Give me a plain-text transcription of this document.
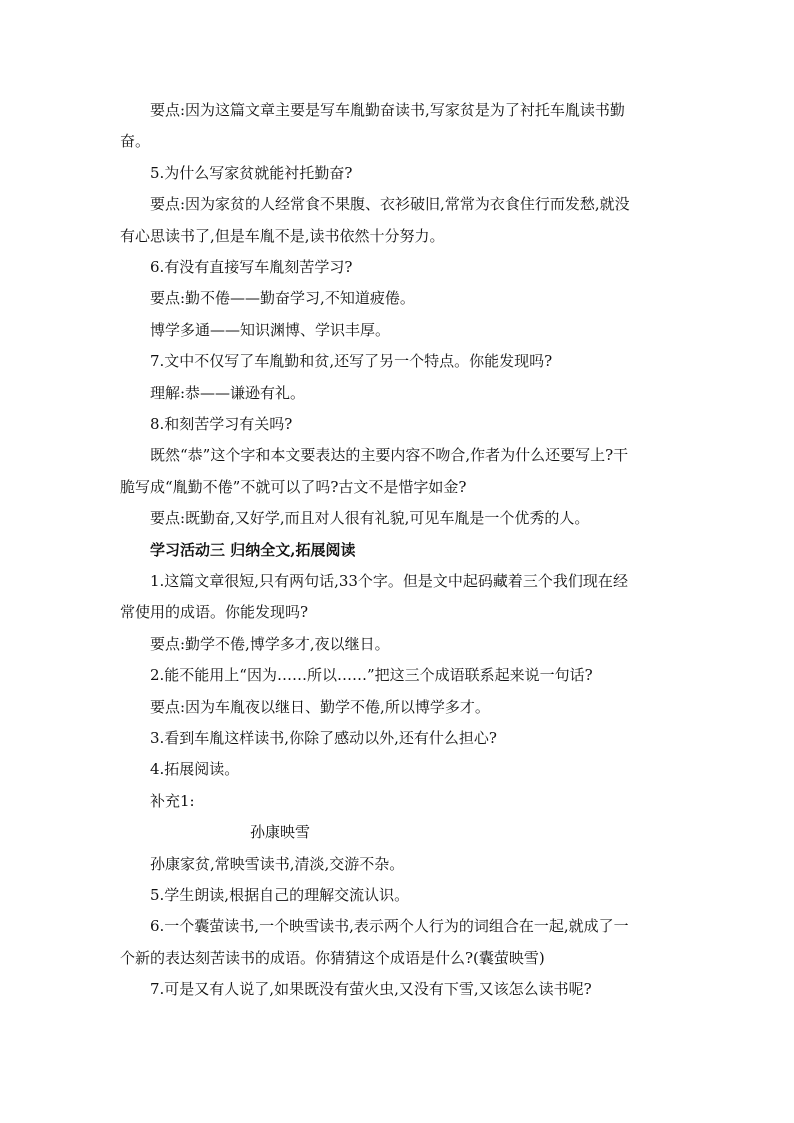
要点:因为这篇文章主要是写车胤勤奋读书,写家贫是为了衬托车胤读书勤
奋。
5.为什么写家贫就能衬托勤奋?
要点:因为家贫的人经常食不果腹、衣衫破旧,常常为衣食住行而发愁,就没
有心思读书了,但是车胤不是,读书依然十分努力。
6.有没有直接写车胤刻苦学习?
要点:勤不倦——勤奋学习,不知道疲倦。
博学多通——知识渊博、学识丰厚。
7.文中不仅写了车胤勤和贫,还写了另一个特点。你能发现吗?
理解:恭——谦逊有礼。
8.和刻苦学习有关吗?
既然“恭”这个字和本文要表达的主要内容不吻合,作者为什么还要写上?干
脆写成“胤勤不倦”不就可以了吗?古文不是惜字如金?
要点:既勤奋,又好学,而且对人很有礼貌,可见车胤是一个优秀的人。
学习活动三 归纳全文,拓展阅读
1.这篇文章很短,只有两句话,33个字。但是文中起码藏着三个我们现在经
常使用的成语。你能发现吗?
要点:勤学不倦,博学多才,夜以继日。
2.能不能用上“因为……所以……”把这三个成语联系起来说一句话?
要点:因为车胤夜以继日、勤学不倦,所以博学多才。
3.看到车胤这样读书,你除了感动以外,还有什么担心?
4.拓展阅读。
补充1:
孙康映雪
孙康家贫,常映雪读书,清淡,交游不杂。
5.学生朗读,根据自己的理解交流认识。
6.一个囊萤读书,一个映雪读书,表示两个人行为的词组合在一起,就成了一
个新的表达刻苦读书的成语。你猜猜这个成语是什么?(囊萤映雪)
7.可是又有人说了,如果既没有萤火虫,又没有下雪,又该怎么读书呢?
